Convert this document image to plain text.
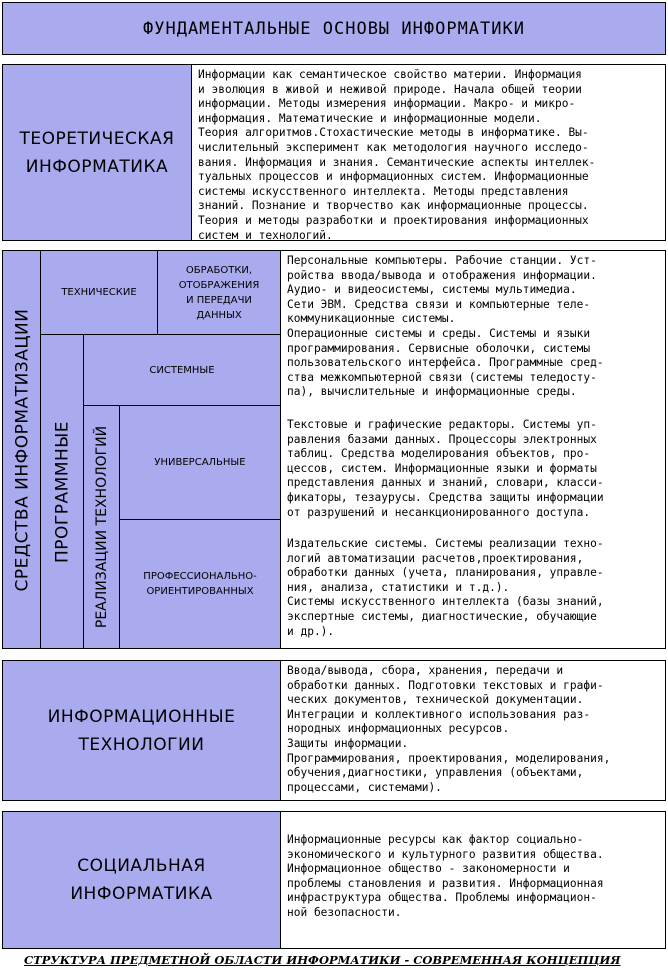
ФУНДАМЕНТАЛЬНЫЕ ОСНОВЫ ИНФОРМАТИКИ
ТЕОРЕТИЧЕСКАЯ
ИНФОРМАТИКА
Информации как семантическое свойство материи. Информация
и эволюция в живой и неживой природе. Начала общей теории
информации. Методы измерения информации. Макро- и микро-
информация. Математические и информационные модели.
Теория алгоритмов.Стохастические методы в информатике. Вы-
числительный эксперимент как методология научного исследо-
вания. Информация и знания. Семантические аспекты интеллек-
туальных процессов и информационных систем. Информационные
системы искусственного интеллекта. Методы представления
знаний. Познание и творчество как информационные процессы.
Теория и методы разработки и проектирования информационных
систем и технологий.
СРЕДСТВА ИНФОРМАТИЗАЦИИ
ТЕХНИЧЕСКИЕ
ОБРАБОТКИ,
ОТОБРАЖЕНИЯ
И ПЕРЕДАЧИ
ДАННЫХ
ПРОГРАММНЫЕ
СИСТЕМНЫЕ
РЕАЛИЗАЦИИ ТЕХНОЛОГИЙ	УНИВЕРСАЛЬНЫЕ
ПРОФЕССИОНАЛЬНО-
ОРИЕНТИРОВАННЫХ
Персональные компьютеры. Рабочие станции. Уст-
ройства ввода/вывода и отображения информации.
Аудио- и видеосистемы, системы мультимедиа.
Сети ЭВМ. Средства связи и компьютерные теле-
коммуникационные системы.
Операционные системы и среды. Системы и языки
программирования. Сервисные оболочки, системы
пользовательского интерфейса. Программные сред-
ства межкомпьютерной связи (системы теледосту-
па), вычислительные и информационные среды.
Текстовые и графические редакторы. Системы уп-
равления базами данных. Процессоры электронных
таблиц. Средства моделирования объектов, про-
цессов, систем. Информационные языки и форматы
представления данных и знаний, словари, класси-
фикаторы, тезаурусы. Средства защиты информации
от разрушений и несанкционированного доступа.
Издательские системы. Системы реализации техно-
логий автоматизации расчетов,проектирования,
обработки данных (учета, планирования, управле-
ния, анализа, статистики и т.д.).
Системы искусственного интеллекта (базы знаний,
экспертные системы, диагностические, обучающие
и др.).
ИНФОРМАЦИОННЫЕ
ТЕХНОЛОГИИ
Ввода/вывода, сбора, хранения, передачи и
обработки данных. Подготовки текстовых и графи-
ческих документов, технической документации.
Интеграции и коллективного использования раз-
нородных информационных ресурсов.
Защиты информации.
Программирования, проектирования, моделирования,
обучения,диагностики, управления (объектами,
процессами, системами).
СОЦИАЛЬНАЯ
ИНФОРМАТИКА
Информационные ресурсы как фактор социально-
экономического и культурного развития общества.
Информационное общество - закономерности и
проблемы становления и развития. Информационная
инфраструктура общества. Проблемы информацион-
ной безопасности.
СТРУКТУРА ПРЕДМЕТНОЙ ОБЛАСТИ ИНФОРМАТИКИ - СОВРЕМЕННАЯ КОНЦЕПЦИЯ
